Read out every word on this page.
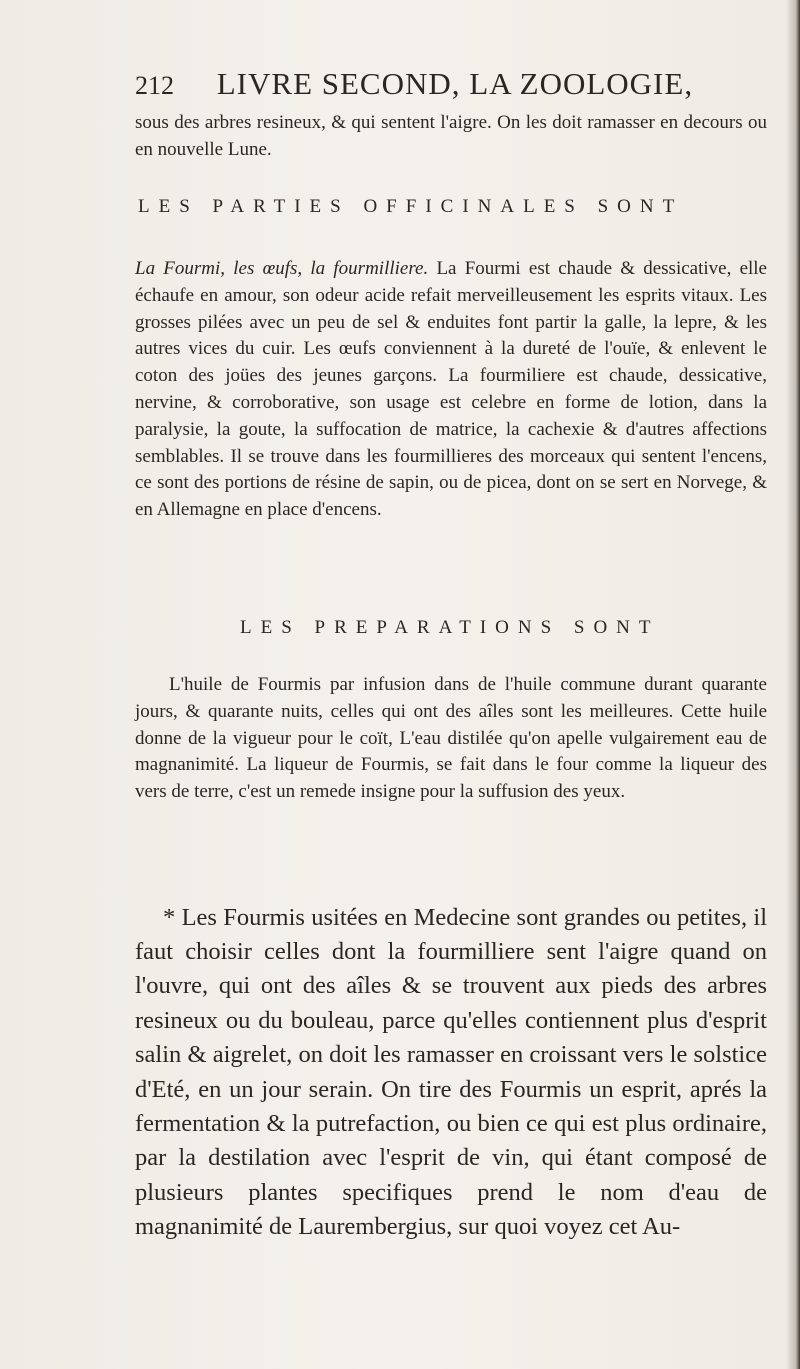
212 LIVRE SECOND, LA ZOOLOGIE,

sous des arbres resineux, & qui sentent l'aigre. On les doit ramasser en decours ou en nouvelle Lune.

LES PARTIES OFFICINALES SONT

La Fourmi, les œufs, la fourmilliere. La Fourmi est chaude & dessicative, elle échaufe en amour, son odeur acide refait merveilleusement les esprits vitaux. Les grosses pilées avec un peu de sel & enduites font partir la galle, la lepre, & les autres vices du cuir. Les œufs conviennent à la dureté de l'ouïe, & enlevent le coton des joües des jeunes garçons. La fourmiliere est chaude, dessicative, nervine, & corroborative, son usage est celebre en forme de lotion, dans la paralysie, la goute, la suffocation de matrice, la cachexie & d'autres affections semblables. Il se trouve dans les fourmillieres des morceaux qui sentent l'encens, ce sont des portions de résine de sapin, ou de picea, dont on se sert en Norvege, & en Allemagne en place d'encens.

LES PREPARATIONS SONT

L'huile de Fourmis par infusion dans de l'huile commune durant quarante jours, & quarante nuits, celles qui ont des aîles sont les meilleures. Cette huile donne de la vigueur pour le coït, L'eau distilée qu'on apelle vulgairement eau de magnanimité. La liqueur de Fourmis, se fait dans le four comme la liqueur des vers de terre, c'est un remede insigne pour la suffusion des yeux.

* Les Fourmis usitées en Medecine sont grandes ou petites, il faut choisir celles dont la fourmilliere sent l'aigre quand on l'ouvre, qui ont des aîles & se trouvent aux pieds des arbres resineux ou du bouleau, parce qu'elles contiennent plus d'esprit salin & aigrelet, on doit les ramasser en croissant vers le solstice d'Eté, en un jour serain. On tire des Fourmis un esprit, aprés la fermentation & la putrefaction, ou bien ce qui est plus ordinaire, par la destilation avec l'esprit de vin, qui étant composé de plusieurs plantes specifiques prend le nom d'eau de magnanimité de Laurembergius, sur quoi voyez cet Au-
